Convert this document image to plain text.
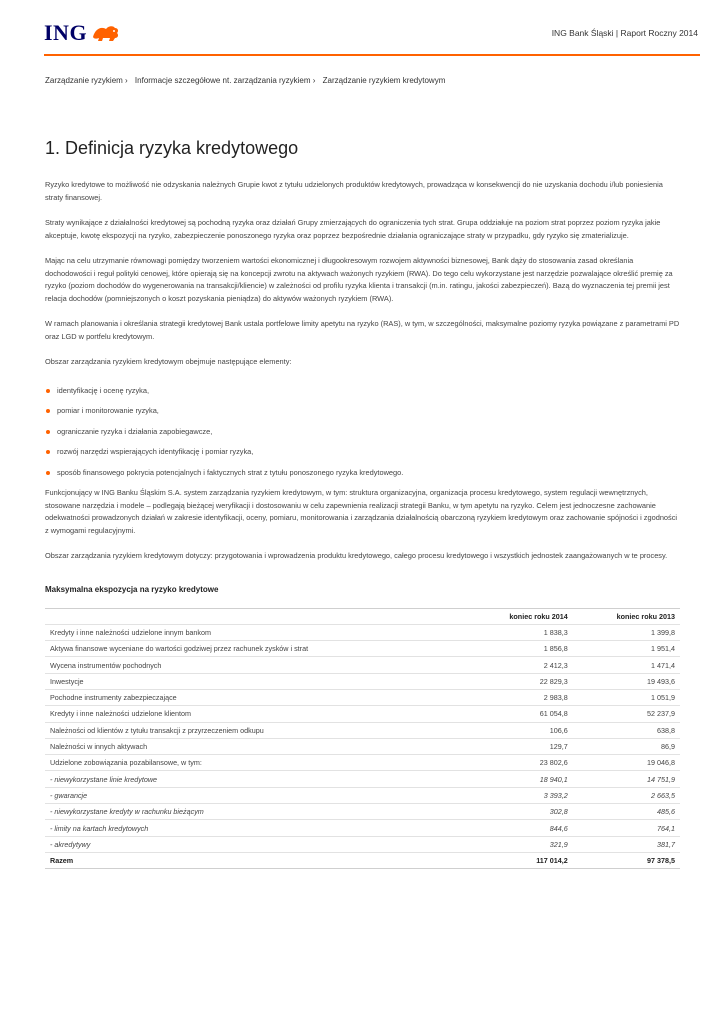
ING	ING Bank Śląski | Raport Roczny 2014
Zarządzanie ryzykiem › Informacje szczegółowe nt. zarządzania ryzykiem › Zarządzanie ryzykiem kredytowym
1. Definicja ryzyka kredytowego

Ryzyko kredytowe to możliwość nie odzyskania należnych Grupie kwot z tytułu udzielonych produktów kredytowych, prowadząca w konsekwencji do nie uzyskania dochodu i/lub poniesienia straty finansowej.

Straty wynikające z działalności kredytowej są pochodną ryzyka oraz działań Grupy zmierzających do ograniczenia tych strat. Grupa oddziałuje na poziom strat poprzez poziom ryzyka jakie akceptuje, kwotę ekspozycji na ryzyko, zabezpieczenie ponoszonego ryzyka oraz poprzez bezpośrednie działania ograniczające straty w przypadku, gdy ryzyko się zmaterializuje.

Mając na celu utrzymanie równowagi pomiędzy tworzeniem wartości ekonomicznej i długookresowym rozwojem aktywności biznesowej, Bank dąży do stosowania zasad określania dochodowości i reguł polityki cenowej, które opierają się na koncepcji zwrotu na aktywach ważonych ryzykiem (RWA). Do tego celu wykorzystane jest narzędzie pozwalające określić premię za ryzyko (poziom dochodów do wygenerowania na transakcji/kliencie) w zależności od profilu ryzyka klienta i transakcji (m.in. ratingu, jakości zabezpieczeń). Bazą do wyznaczenia tej premii jest relacja dochodów (pomniejszonych o koszt pozyskania pieniądza) do aktywów ważonych ryzykiem (RWA).

W ramach planowania i określania strategii kredytowej Bank ustala portfelowe limity apetytu na ryzyko (RAS), w tym, w szczególności, maksymalne poziomy ryzyka powiązane z parametrami PD oraz LGD w portfelu kredytowym.

Obszar zarządzania ryzykiem kredytowym obejmuje następujące elementy:

identyfikację i ocenę ryzyka,
pomiar i monitorowanie ryzyka,
ograniczanie ryzyka i działania zapobiegawcze,
rozwój narzędzi wspierających identyfikację i pomiar ryzyka,
sposób finansowego pokrycia potencjalnych i faktycznych strat z tytułu ponoszonego ryzyka kredytowego.

Funkcjonujący w ING Banku Śląskim S.A. system zarządzania ryzykiem kredytowym, w tym: struktura organizacyjna, organizacja procesu kredytowego, system regulacji wewnętrznych, stosowane narzędzia i modele – podlegają bieżącej weryfikacji i dostosowaniu w celu zapewnienia realizacji strategii Banku, w tym apetytu na ryzyko. Celem jest jednoczesne zachowanie odekwatności prowadzonych działań w zakresie identyfikacji, oceny, pomiaru, monitorowania i zarządzania działalnością obarczoną ryzykiem kredytowym oraz zachowanie spójności i zgodności z wymogami regulacyjnymi.

Obszar zarządzania ryzykiem kredytowym dotyczy: przygotowania i wprowadzenia produktu kredytowego, całego procesu kredytowego i wszystkich jednostek zaangażowanych w te procesy.

Maksymalna ekspozycja na ryzyko kredytowe
	koniec roku 2014	koniec roku 2013
Kredyty i inne należności udzielone innym bankom	1 838,3	1 399,8
Aktywa finansowe wyceniane do wartości godziwej przez rachunek zysków i strat	1 856,8	1 951,4
Wycena instrumentów pochodnych	2 412,3	1 471,4
Inwestycje	22 829,3	19 493,6
Pochodne instrumenty zabezpieczające	2 983,8	1 051,9
Kredyty i inne należności udzielone klientom	61 054,8	52 237,9
Należności od klientów z tytułu transakcji z przyrzeczeniem odkupu	106,6	638,8
Należności w innych aktywach	129,7	86,9
Udzielone zobowiązania pozabilansowe, w tym:	23 802,6	19 046,8
- niewykorzystane linie kredytowe	18 940,1	14 751,9
- gwarancje	3 393,2	2 663,5
- niewykorzystane kredyty w rachunku bieżącym	302,8	485,6
- limity na kartach kredytowych	844,6	764,1
- akredytywy	321,9	381,7
Razem	117 014,2	97 378,5
